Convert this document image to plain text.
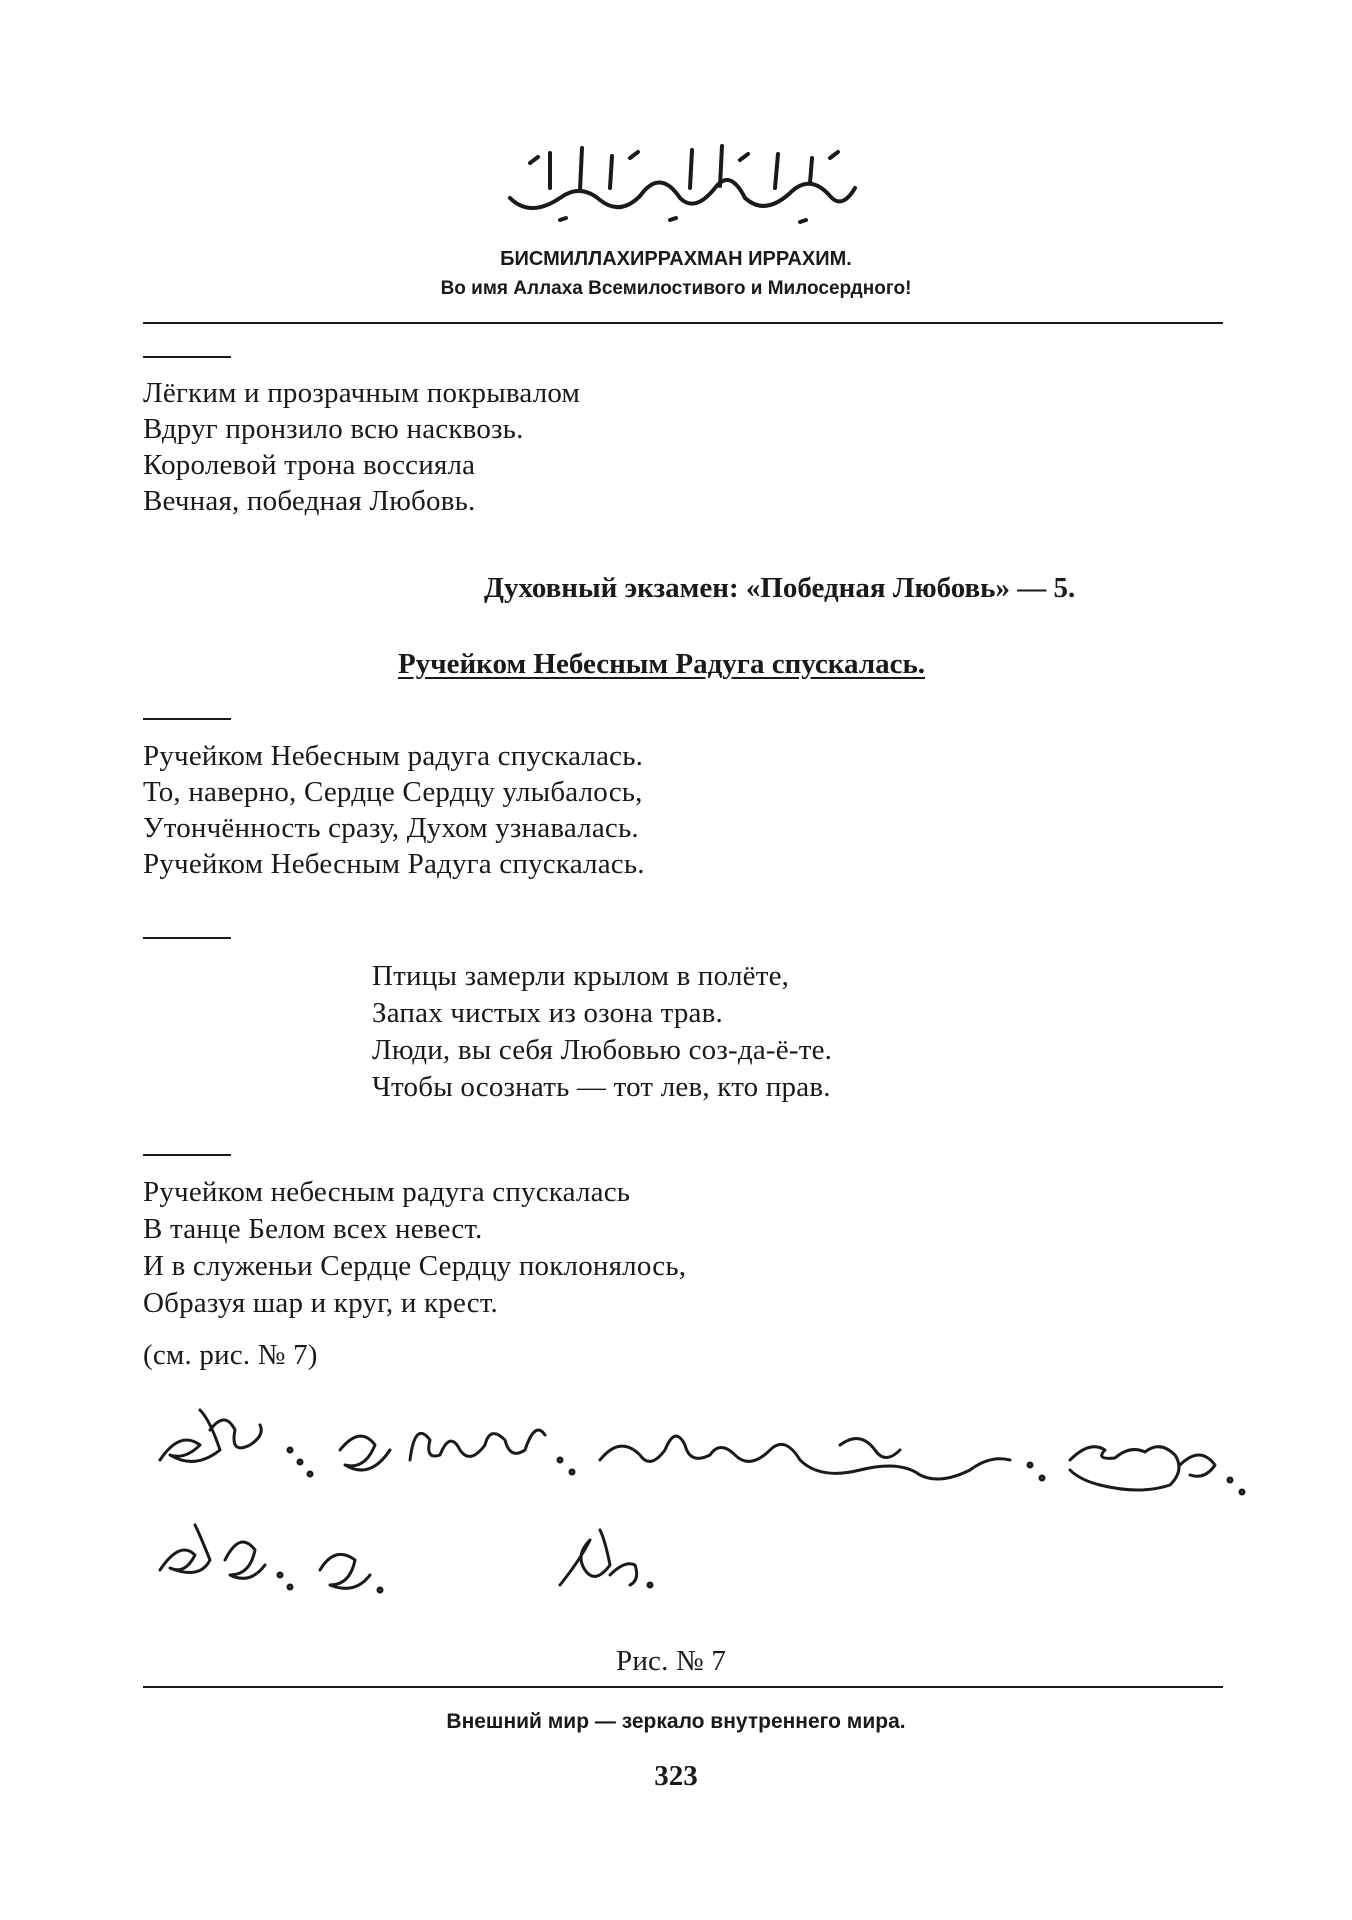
БИСМИЛЛАХИРРАХМАН ИРРАХИМ.
Во имя Аллаха Всемилостивого и Милосердного!
Лёгким и прозрачным покрывалом
Вдруг пронзило всю насквозь.
Королевой трона воссияла
Вечная, победная Любовь.
Духовный экзамен: «Победная Любовь» — 5.
Ручейком Небесным Радуга спускалась.
Ручейком Небесным радуга спускалась.
То, наверно, Сердце Сердцу улыбалось,
Утончённость сразу, Духом узнавалась.
Ручейком Небесным Радуга спускалась.
Птицы замерли крылом в полёте,
Запах чистых из озона трав.
Люди, вы себя Любовью соз-да-ё-те.
Чтобы осознать — тот лев, кто прав.
Ручейком небесным радуга спускалась
В танце Белом всех невест.
И в служеньи Сердце Сердцу поклонялось,
Образуя шар и круг, и крест.
(см. рис. № 7)
Рис. № 7
Внешний мир — зеркало внутреннего мира.
323
